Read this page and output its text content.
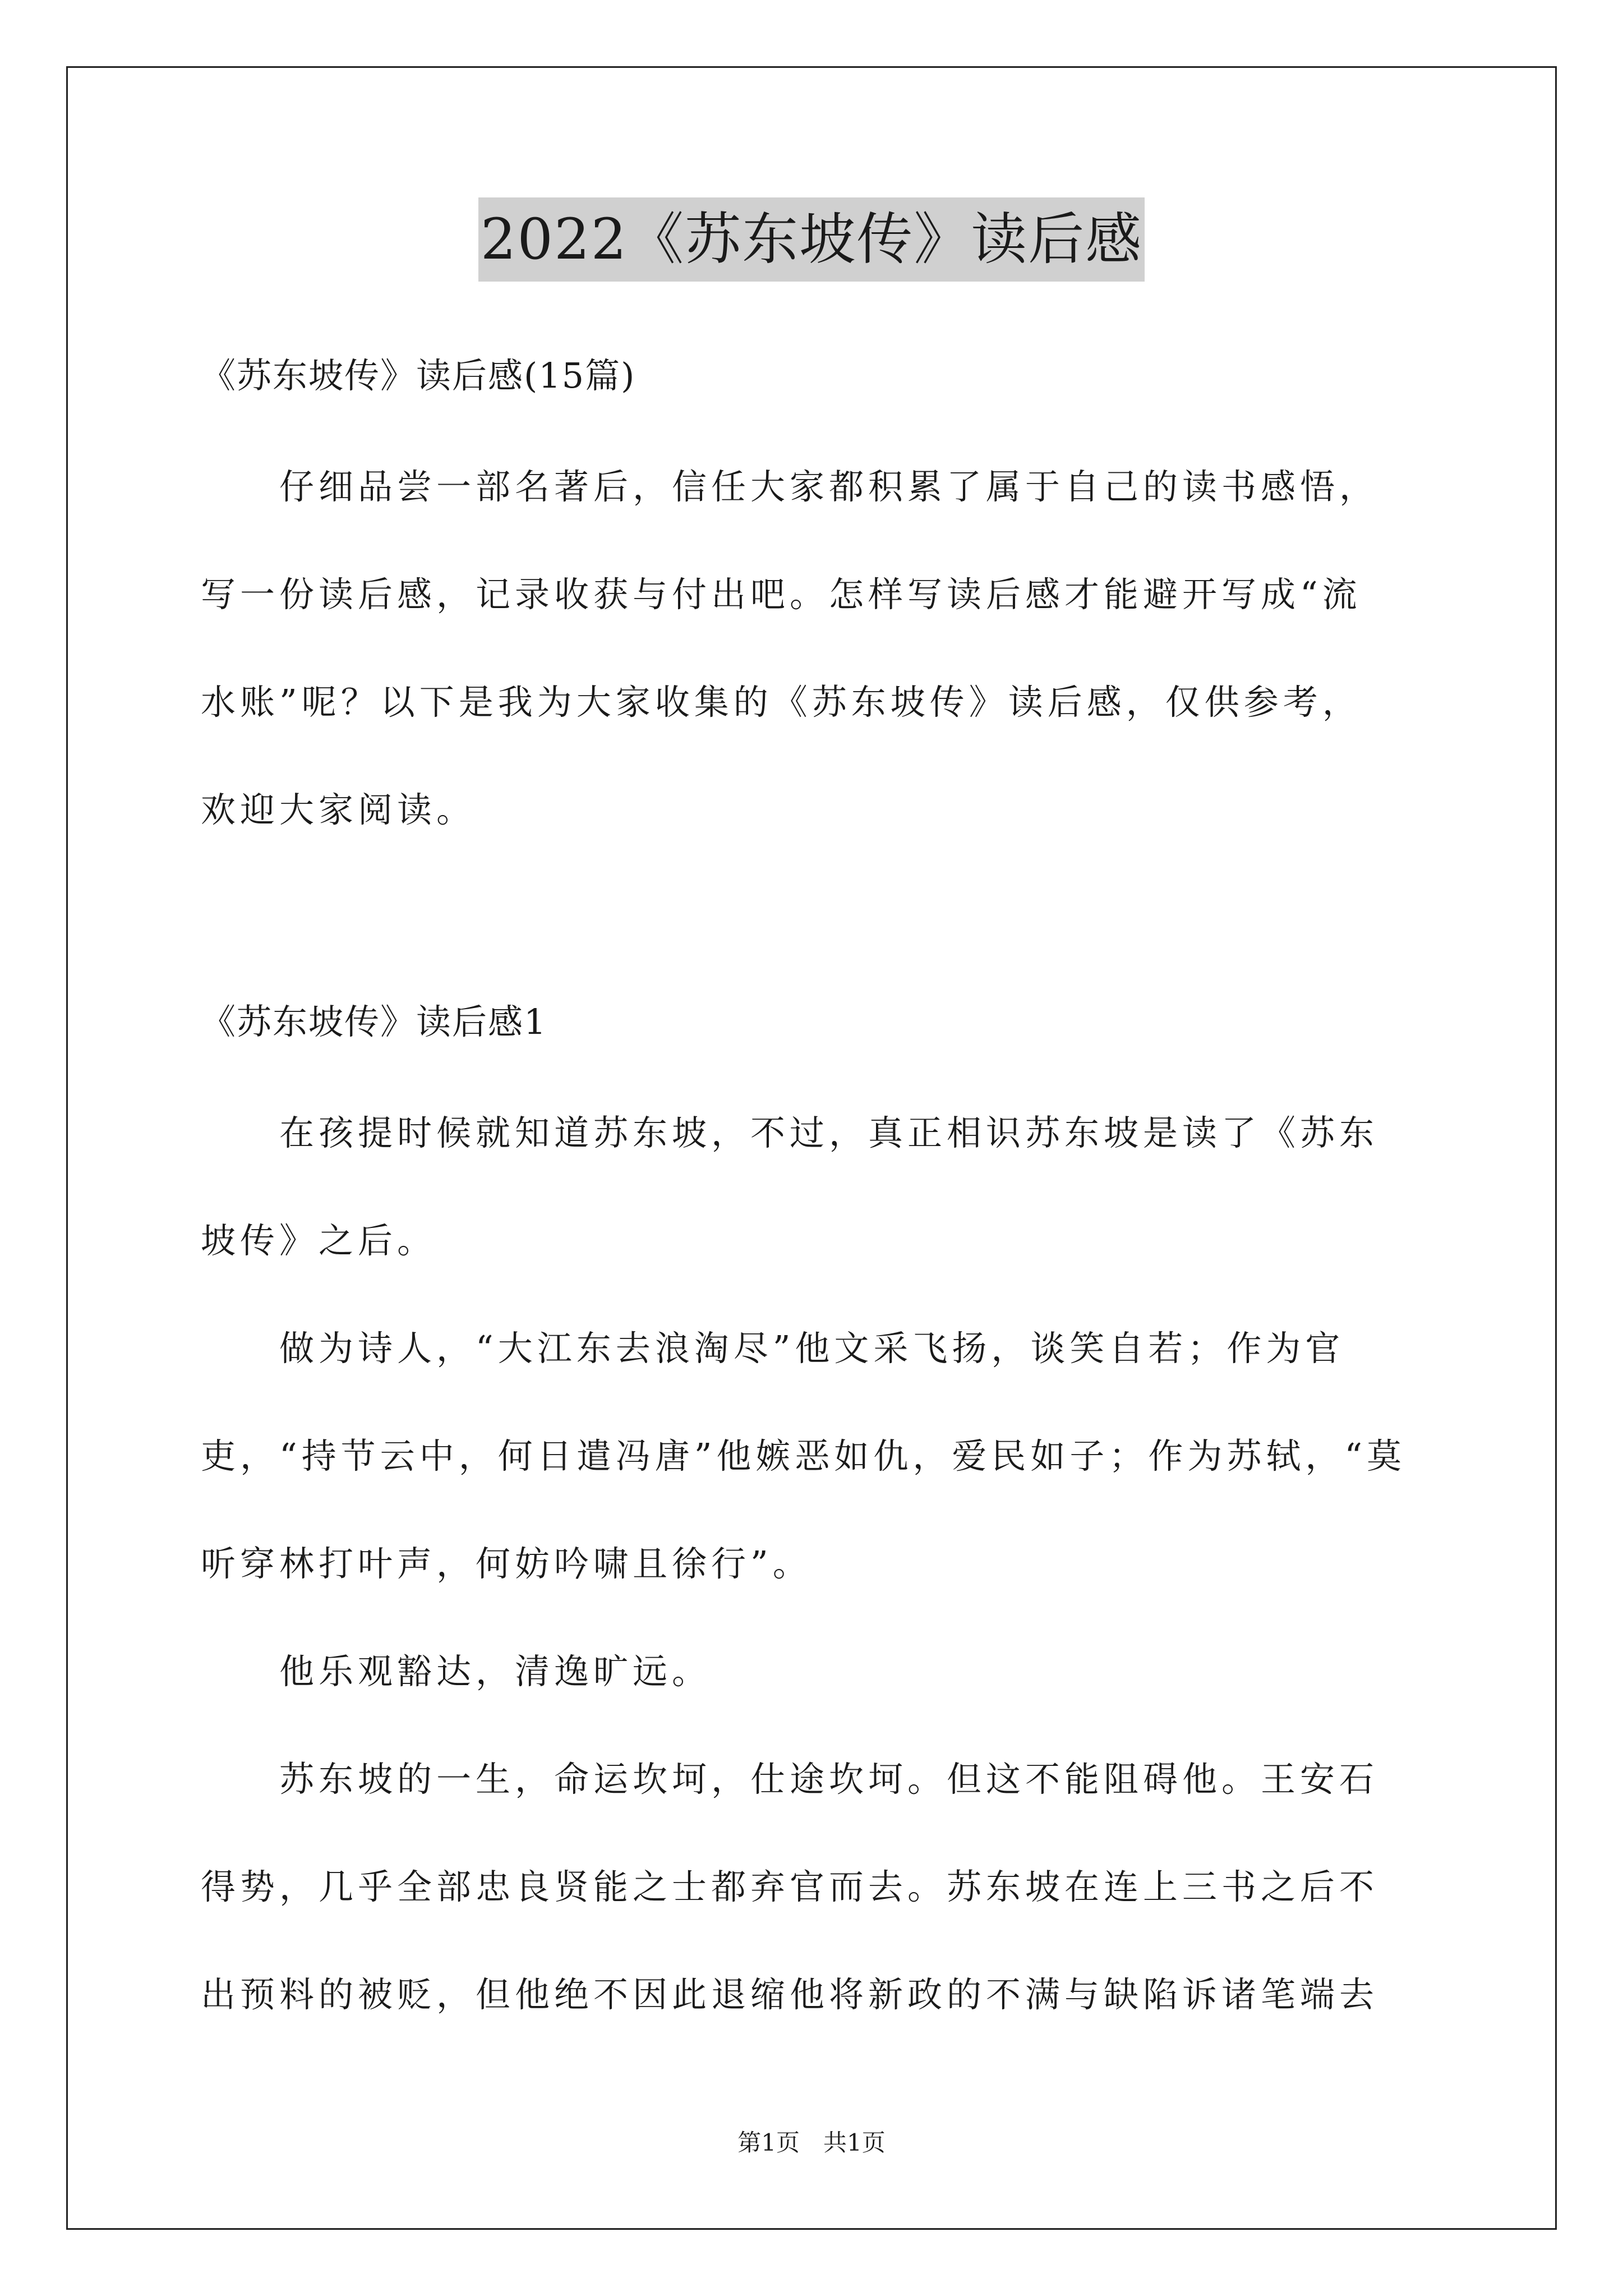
2022《苏东坡传》读后感
《苏东坡传》读后感(15篇)
　　仔细品尝一部名著后，信任大家都积累了属于自己的读书感悟，
写一份读后感，记录收获与付出吧。怎样写读后感才能避开写成“流
水账”呢？以下是我为大家收集的《苏东坡传》读后感，仅供参考，
欢迎大家阅读。
《苏东坡传》读后感1
　　在孩提时候就知道苏东坡，不过，真正相识苏东坡是读了《苏东
坡传》之后。
　　做为诗人，“大江东去浪淘尽”他文采飞扬，谈笑自若；作为官
吏，“持节云中，何日遣冯唐”他嫉恶如仇，爱民如子；作为苏轼，“莫
听穿林打叶声，何妨吟啸且徐行”。
　　他乐观豁达，清逸旷远。
　　苏东坡的一生，命运坎坷，仕途坎坷。但这不能阻碍他。王安石
得势，几乎全部忠良贤能之士都弃官而去。苏东坡在连上三书之后不
出预料的被贬，但他绝不因此退缩他将新政的不满与缺陷诉诸笔端去
第1页　共1页
